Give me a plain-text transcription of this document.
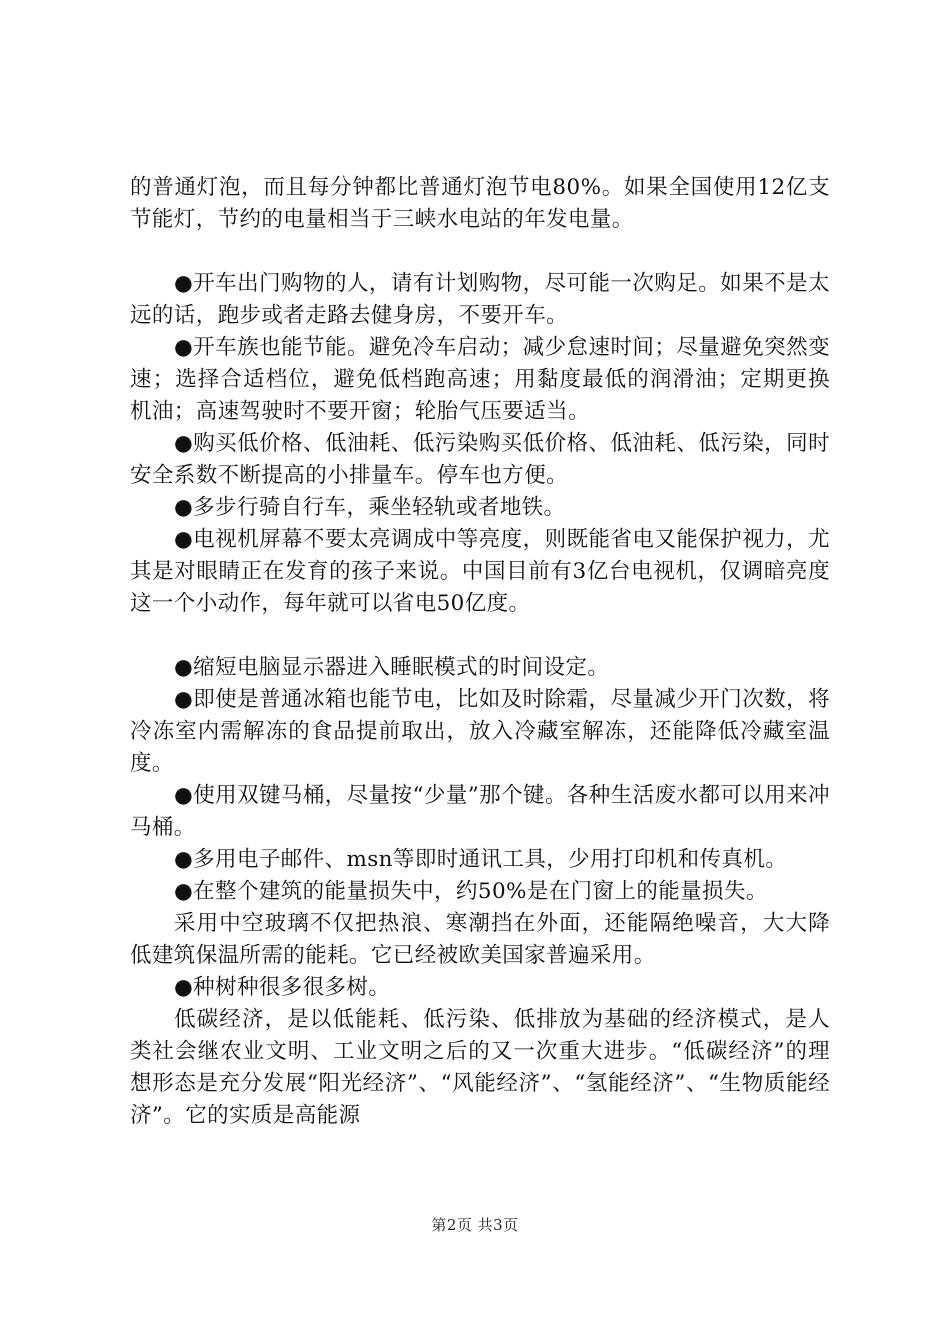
的普通灯泡，而且每分钟都比普通灯泡节电80%。如果全国使用12亿支节能灯，节约的电量相当于三峡水电站的年发电量。

●开车出门购物的人，请有计划购物，尽可能一次购足。如果不是太远的话，跑步或者走路去健身房，不要开车。

●开车族也能节能。避免冷车启动；减少怠速时间；尽量避免突然变速；选择合适档位，避免低档跑高速；用黏度最低的润滑油；定期更换机油；高速驾驶时不要开窗；轮胎气压要适当。

●购买低价格、低油耗、低污染购买低价格、低油耗、低污染，同时安全系数不断提高的小排量车。停车也方便。

●多步行骑自行车，乘坐轻轨或者地铁。

●电视机屏幕不要太亮调成中等亮度，则既能省电又能保护视力，尤其是对眼睛正在发育的孩子来说。中国目前有3亿台电视机，仅调暗亮度这一个小动作，每年就可以省电50亿度。

●缩短电脑显示器进入睡眠模式的时间设定。

●即使是普通冰箱也能节电，比如及时除霜，尽量减少开门次数，将冷冻室内需解冻的食品提前取出，放入冷藏室解冻，还能降低冷藏室温度。

●使用双键马桶，尽量按“少量”那个键。各种生活废水都可以用来冲马桶。

●多用电子邮件、msn等即时通讯工具，少用打印机和传真机。

●在整个建筑的能量损失中，约50%是在门窗上的能量损失。

采用中空玻璃不仅把热浪、寒潮挡在外面，还能隔绝噪音，大大降低建筑保温所需的能耗。它已经被欧美国家普遍采用。

●种树种很多很多树。

低碳经济，是以低能耗、低污染、低排放为基础的经济模式，是人类社会继农业文明、工业文明之后的又一次重大进步。“低碳经济”的理想形态是充分发展“阳光经济”、“风能经济”、“氢能经济”、“生物质能经济”。它的实质是高能源

第2页 共3页
